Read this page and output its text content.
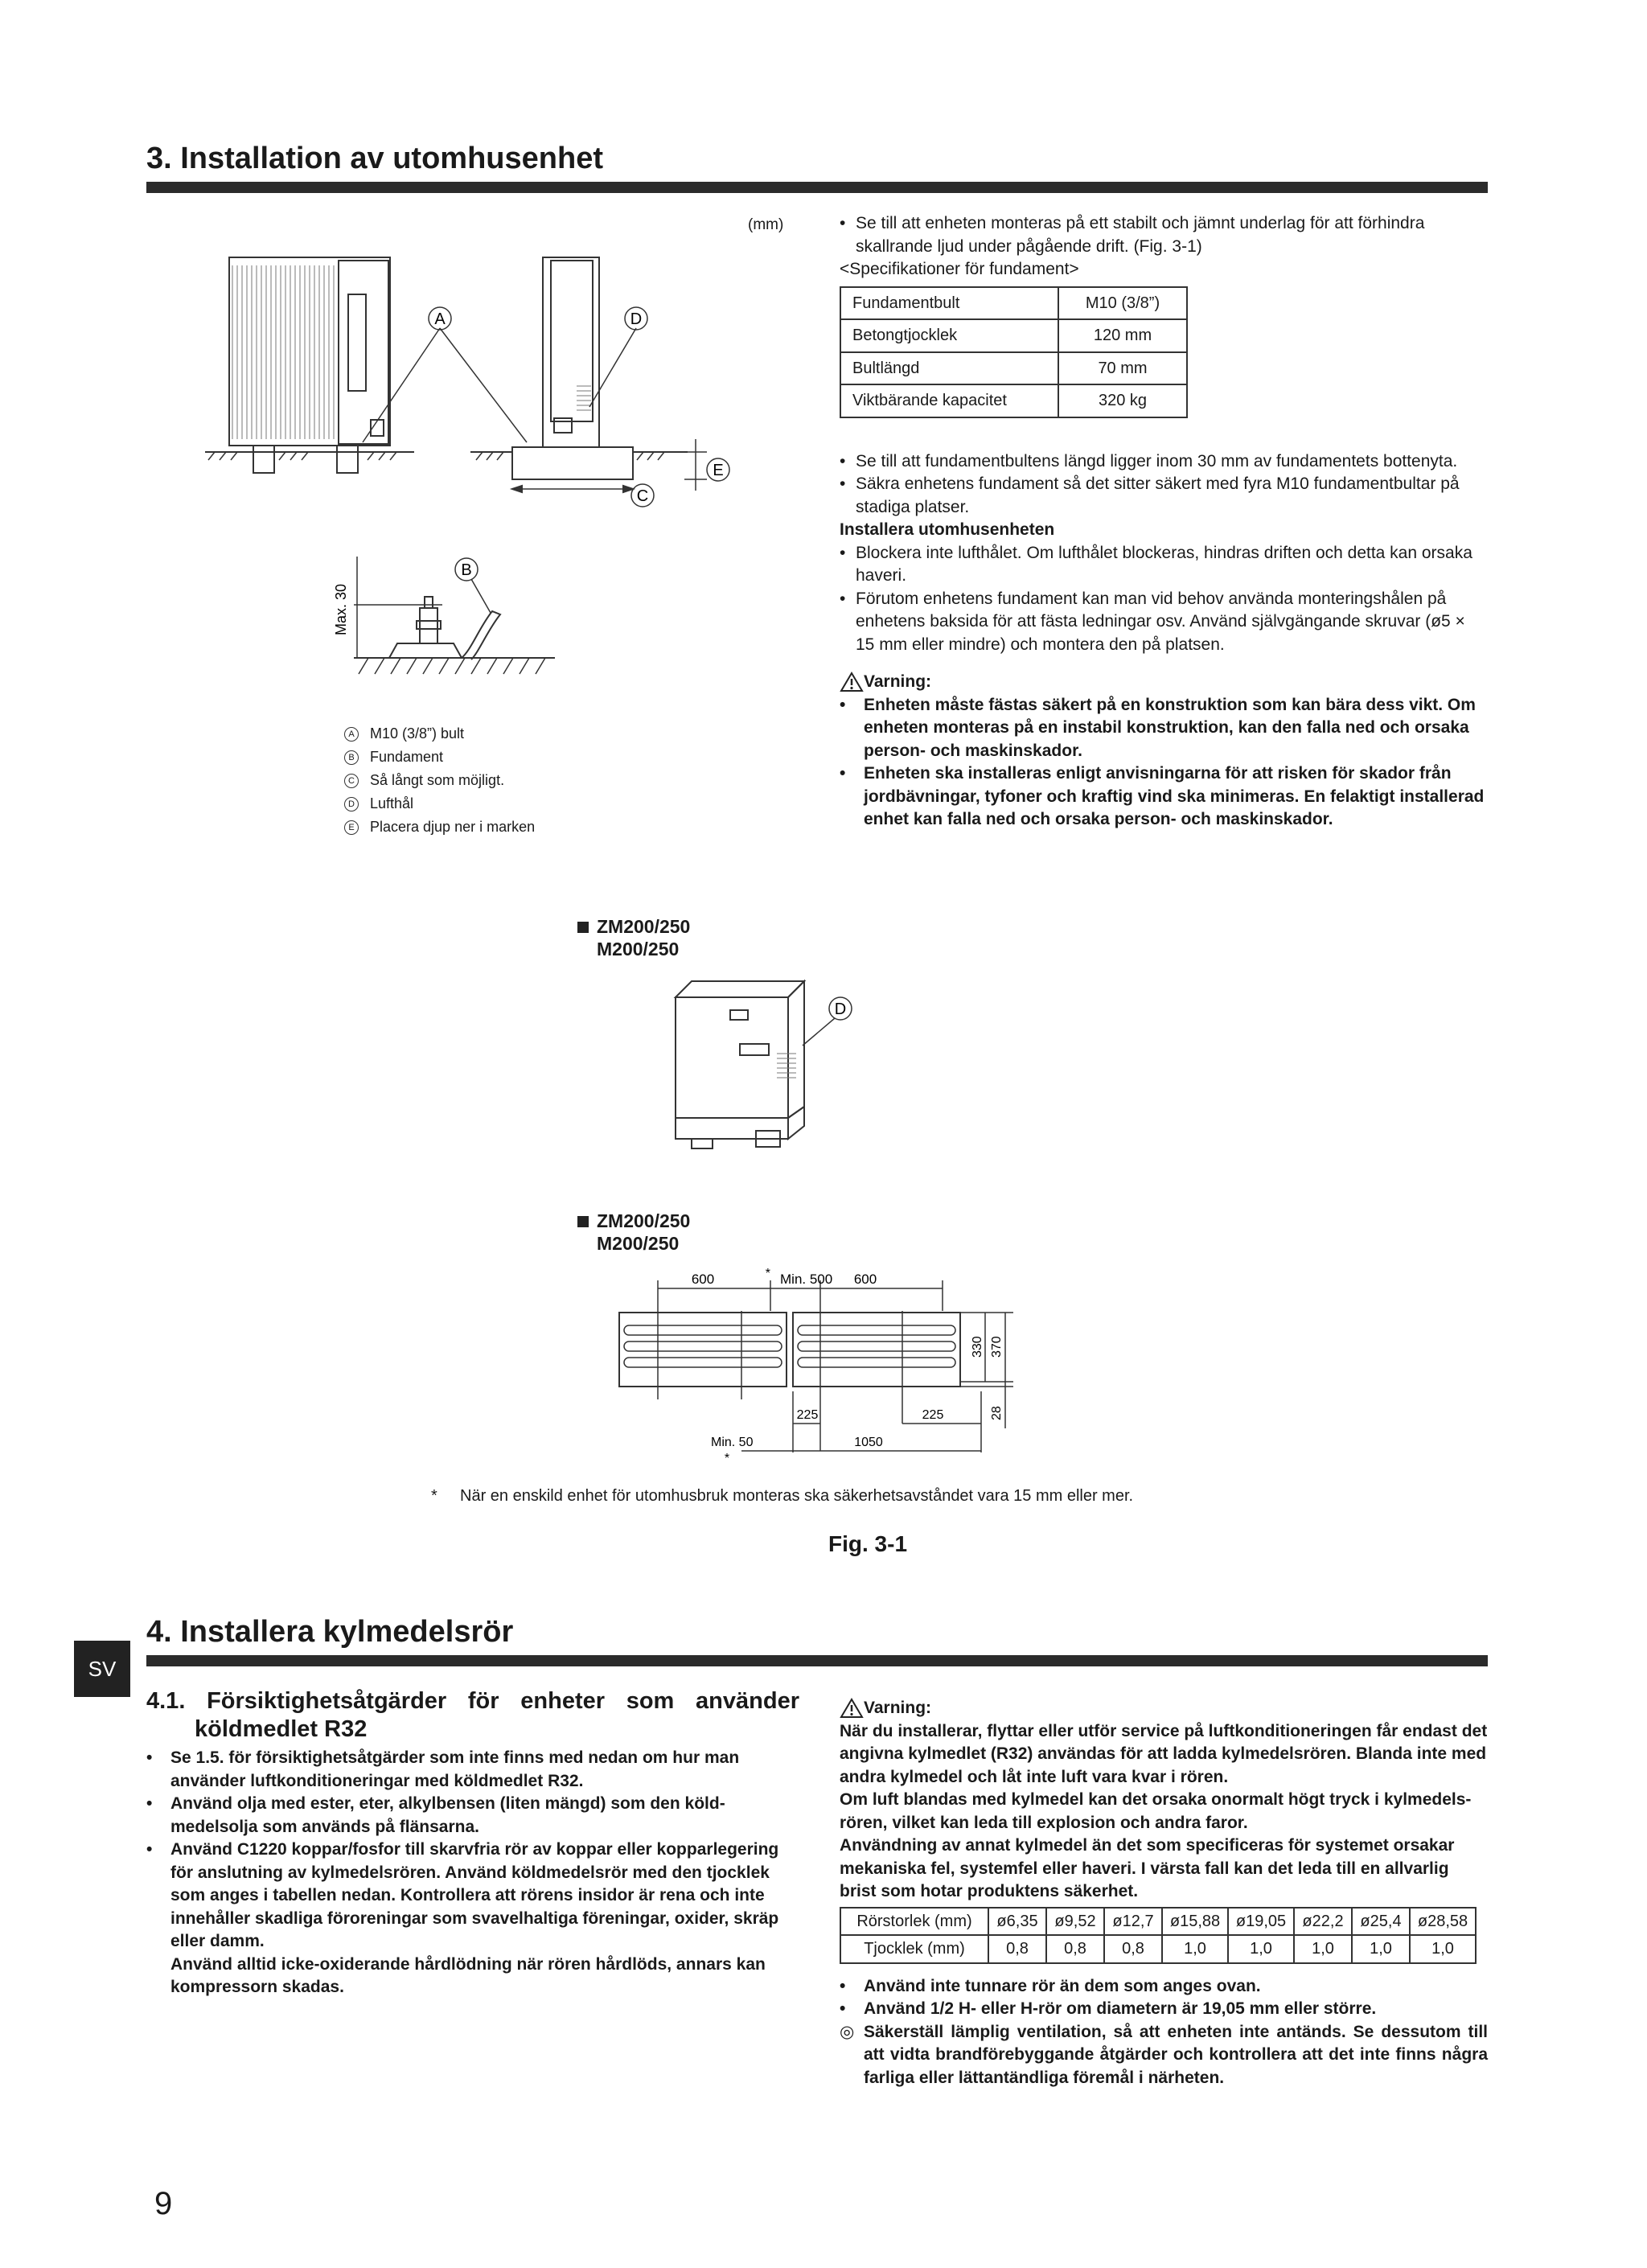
3. Installation av utomhusenhet
(mm)	• Se till att enheten monteras på ett stabilt och jämnt underlag för att förhindra skallrande ljud under pågående drift. (Fig. 3-1)
<Specifikationer för fundament>
Fundamentbult	M10 (3/8”)
Betongtjocklek	120 mm
Bultlängd	70 mm
Viktbärande kapacitet	320 kg
• Se till att fundamentbultens längd ligger inom 30 mm av fundamentets bottenyta.
• Säkra enhetens fundament så det sitter säkert med fyra M10 fundamentbultar på stadiga platser.
Installera utomhusenheten
• Blockera inte lufthålet. Om lufthålet blockeras, hindras driften och detta kan orsaka haveri.
• Förutom enhetens fundament kan man vid behov använda monteringshålen på enhetens baksida för att fästa ledningar osv. Använd självgängande skruvar (ø5 × 15 mm eller mindre) och montera den på platsen.
Varning:
• Enheten måste fästas säkert på en konstruktion som kan bära dess vikt. Om enheten monteras på en instabil konstruktion, kan den falla ned och orsaka person- och maskinskador.
• Enheten ska installeras enligt anvisningarna för att risken för skador från jordbävningar, tyfoner och kraftig vind ska minimeras. En felaktigt installerad enhet kan falla ned och orsaka person- och maskinskador.
A	D
C
E
B
Max. 30
A M10 (3/8”) bult
B Fundament
C Så långt som möjligt.
D Lufthål
E Placera djup ner i marken
ZM200/250
M200/250
D
ZM200/250
M200/250
600	Min. 500 600
330 370
28
225	225
Min. 50	1050
*
*
* När en enskild enhet för utomhusbruk monteras ska säkerhetsavståndet vara 15 mm eller mer.
Fig. 3-1
SV
4. Installera kylmedelsrör
4.1. Försiktighetsåtgärder för enheter som använder köldmedlet R32
• Se 1.5. för försiktighetsåtgärder som inte finns med nedan om hur man använder luftkonditioneringar med köldmedlet R32.
• Använd olja med ester, eter, alkylbensen (liten mängd) som den köldmedelsolja som används på flänsarna.
• Använd C1220 koppar/fosfor till skarvfria rör av koppar eller kopparlegering för anslutning av kylmedelsrören. Använd köldmedelsrör med den tjocklek som anges i tabellen nedan. Kontrollera att rörens insidor är rena och inte innehåller skadliga föroreningar som svavelhaltiga föreningar, oxider, skräp eller damm.
Använd alltid icke-oxiderande hårdlödning när rören hårdlöds, annars kan kompressorn skadas.
Varning:
När du installerar, flyttar eller utför service på luftkonditioneringen får endast det angivna kylmedlet (R32) användas för att ladda kylmedelsrören. Blanda inte med andra kylmedel och låt inte luft vara kvar i rören.
Om luft blandas med kylmedel kan det orsaka onormalt högt tryck i kylmedelsrören, vilket kan leda till explosion och andra faror.
Användning av annat kylmedel än det som specificeras för systemet orsakar mekaniska fel, systemfel eller haveri. I värsta fall kan det leda till en allvarlig brist som hotar produktens säkerhet.
Rörstorlek (mm)	ø6,35	ø9,52	ø12,7	ø15,88	ø19,05	ø22,2	ø25,4	ø28,58
Tjocklek (mm)	0,8	0,8	0,8	1,0	1,0	1,0	1,0	1,0
• Använd inte tunnare rör än dem som anges ovan.
• Använd 1/2 H- eller H-rör om diametern är 19,05 mm eller större.
◎ Säkerställ lämplig ventilation, så att enheten inte antänds. Se dessutom till att vidta brandförebyggande åtgärder och kontrollera att det inte finns några farliga eller lättantändliga föremål i närheten.
9
